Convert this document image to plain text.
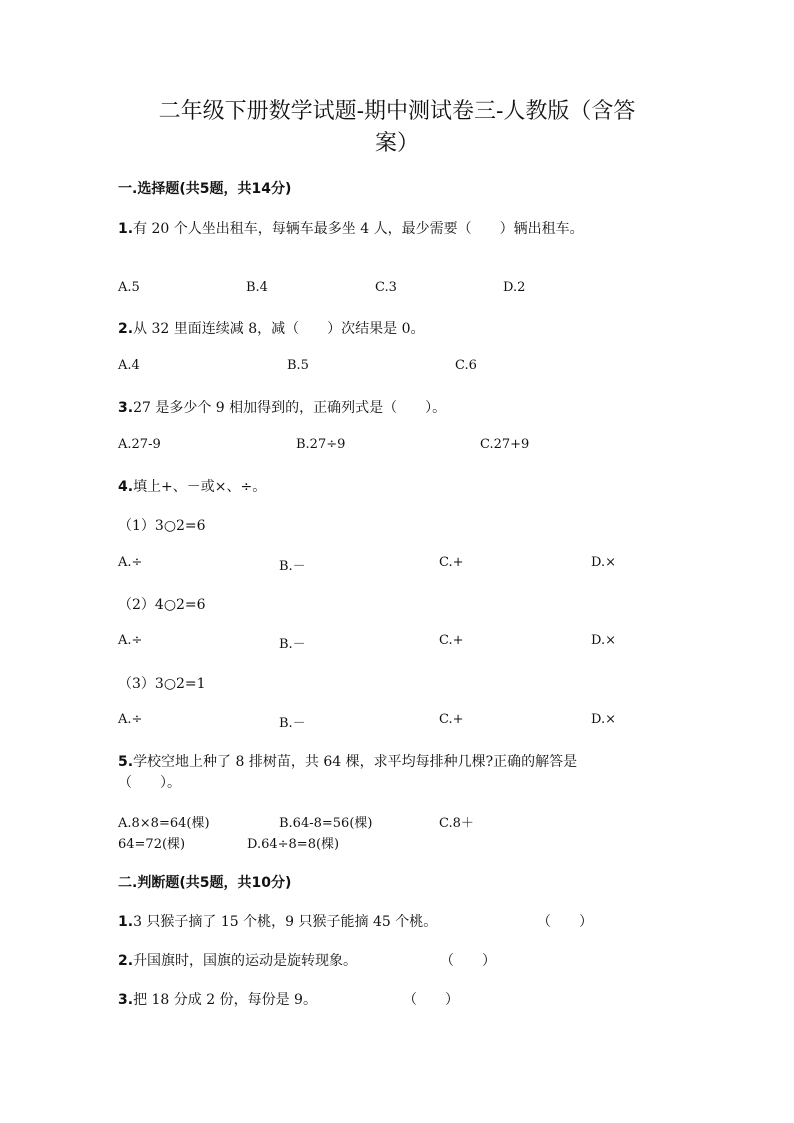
二年级下册数学试题-期中测试卷三-人教版（含答
案）
一.选择题(共5题，共14分)
1.有 20 个人坐出租车，每辆车最多坐 4 人，最少需要（　　）辆出租车。
A.5	B.4	C.3	D.2
2.从 32 里面连续减 8，减（　　）次结果是 0。
A.4	B.5	C.6
3.27 是多少个 9 相加得到的，正确列式是（　　）。
A.27-9	B.27÷9	C.27+9
4.填上+、－或×、÷。
（1）3○2=6
A.÷	B.－	C.+	D.×
（2）4○2=6
A.÷	B.－	C.+	D.×
（3）3○2=1
A.÷	B.－	C.+	D.×
5.学校空地上种了 8 排树苗，共 64 棵，求平均每排种几棵?正确的解答是
（　　）。
A.8×8=64(棵)	B.64-8=56(棵)	C.8＋
64=72(棵)	D.64÷8=8(棵)
二.判断题(共5题，共10分)
1.3 只猴子摘了 15 个桃，9 只猴子能摘 45 个桃。	（　　）
2.升国旗时，国旗的运动是旋转现象。	（　　）
3.把 18 分成 2 份，每份是 9。	（　　）
